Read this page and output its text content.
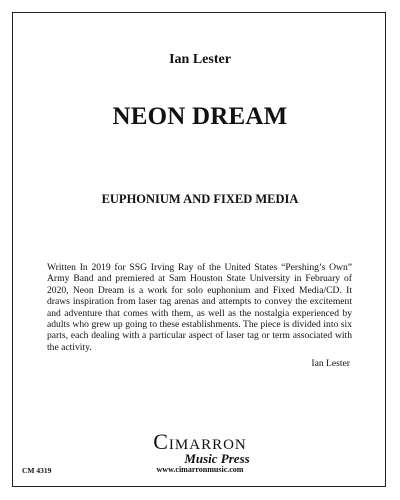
Ian Lester
NEON DREAM
EUPHONIUM AND FIXED MEDIA

Written In 2019 for SSG Irving Ray of the United States “Pershing’s Own” Army Band and premiered at Sam Houston State University in February of 2020, Neon Dream is a work for solo euphonium and Fixed Media/CD. It draws inspiration from laser tag arenas and attempts to convey the excitement and adventure that comes with them, as well as the nostalgia experienced by adults who grew up going to these establishments. The piece is divided into six parts, each dealing with a particular aspect of laser tag or term associated with the activity.

Ian Lester
Cimarron
Music Press
www.cimarronmusic.com
CM 4319
